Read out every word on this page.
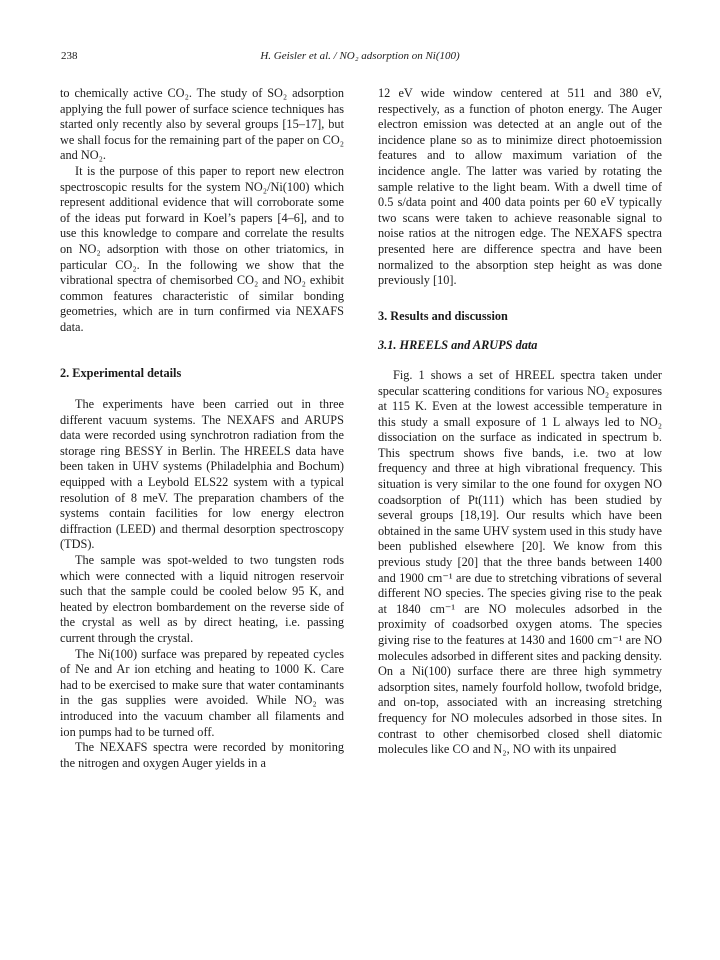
238	H. Geisler et al. / NO₂ adsorption on Ni(100)

to chemically active CO₂. The study of SO₂ adsorption applying the full power of surface science techniques has started only recently also by several groups [15–17], but we shall focus for the remaining part of the paper on CO₂ and NO₂.

It is the purpose of this paper to report new electron spectroscopic results for the system NO₂/Ni(100) which represent additional evidence that will corroborate some of the ideas put forward in Koel’s papers [4–6], and to use this knowledge to compare and correlate the results on NO₂ adsorption with those on other triatomics, in particular CO₂. In the following we show that the vibrational spectra of chemisorbed CO₂ and NO₂ exhibit common features characteristic of similar bonding geometries, which are in turn confirmed via NEXAFS data.

2. Experimental details

The experiments have been carried out in three different vacuum systems. The NEXAFS and ARUPS data were recorded using synchrotron radiation from the storage ring BESSY in Berlin. The HREELS data have been taken in UHV systems (Philadelphia and Bochum) equipped with a Leybold ELS22 system with a typical resolution of 8 meV. The preparation chambers of the systems contain facilities for low energy electron diffraction (LEED) and thermal desorption spectroscopy (TDS).

The sample was spot-welded to two tungsten rods which were connected with a liquid nitrogen reservoir such that the sample could be cooled below 95 K, and heated by electron bombardement on the reverse side of the crystal as well as by direct heating, i.e. passing current through the crystal.

The Ni(100) surface was prepared by repeated cycles of Ne and Ar ion etching and heating to 1000 K. Care had to be exercised to make sure that water contaminants in the gas supplies were avoided. While NO₂ was introduced into the vacuum chamber all filaments and ion pumps had to be turned off.

The NEXAFS spectra were recorded by monitoring the nitrogen and oxygen Auger yields in a

12 eV wide window centered at 511 and 380 eV, respectively, as a function of photon energy. The Auger electron emission was detected at an angle out of the incidence plane so as to minimize direct photoemission features and to allow maximum variation of the incidence angle. The latter was varied by rotating the sample relative to the light beam. With a dwell time of 0.5 s/data point and 400 data points per 60 eV typically two scans were taken to achieve reasonable signal to noise ratios at the nitrogen edge. The NEXAFS spectra presented here are difference spectra and have been normalized to the absorption step height as was done previously [10].

3. Results and discussion
3.1. HREELS and ARUPS data

Fig. 1 shows a set of HREEL spectra taken under specular scattering conditions for various NO₂ exposures at 115 K. Even at the lowest accessible temperature in this study a small exposure of 1 L always led to NO₂ dissociation on the surface as indicated in spectrum b. This spectrum shows five bands, i.e. two at low frequency and three at high vibrational frequency. This situation is very similar to the one found for oxygen NO coadsorption of Pt(111) which has been studied by several groups [18,19]. Our results which have been obtained in the same UHV system used in this study have been published elsewhere [20]. We know from this previous study [20] that the three bands between 1400 and 1900 cm⁻¹ are due to stretching vibrations of several different NO species. The species giving rise to the peak at 1840 cm⁻¹ are NO molecules adsorbed in the proximity of coadsorbed oxygen atoms. The species giving rise to the features at 1430 and 1600 cm⁻¹ are NO molecules adsorbed in different sites and packing density. On a Ni(100) surface there are three high symmetry adsorption sites, namely fourfold hollow, twofold bridge, and on-top, associated with an increasing stretching frequency for NO molecules adsorbed in those sites. In contrast to other chemisorbed closed shell diatomic molecules like CO and N₂, NO with its unpaired
